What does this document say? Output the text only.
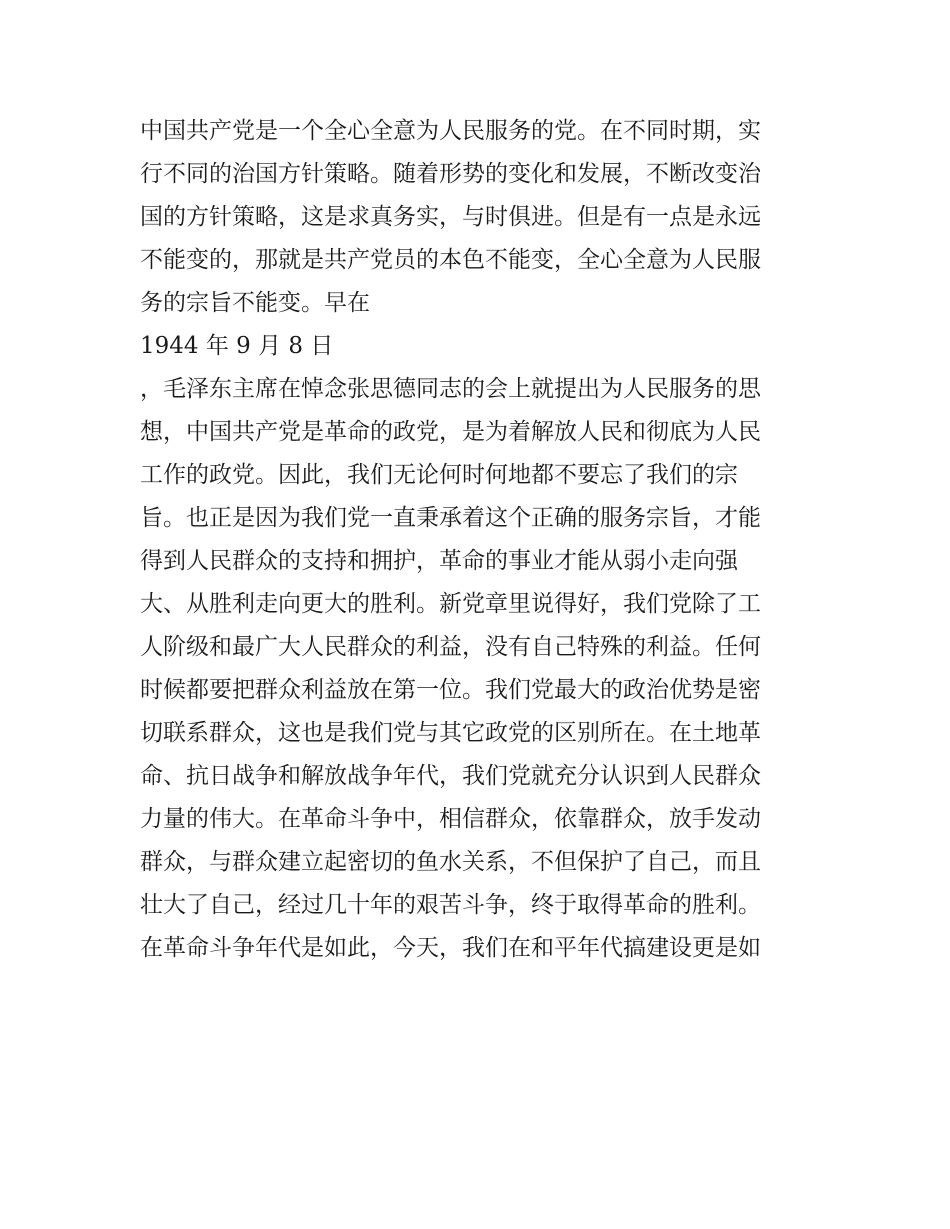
中国共产党是一个全心全意为人民服务的党。在不同时期，实
行不同的治国方针策略。随着形势的变化和发展，不断改变治
国的方针策略，这是求真务实，与时俱进。但是有一点是永远
不能变的，那就是共产党员的本色不能变，全心全意为人民服
务的宗旨不能变。早在
1944 年 9 月 8 日
，毛泽东主席在悼念张思德同志的会上就提出为人民服务的思
想，中国共产党是革命的政党，是为着解放人民和彻底为人民
工作的政党。因此，我们无论何时何地都不要忘了我们的宗
旨。也正是因为我们党一直秉承着这个正确的服务宗旨，才能
得到人民群众的支持和拥护，革命的事业才能从弱小走向强
大、从胜利走向更大的胜利。新党章里说得好，我们党除了工
人阶级和最广大人民群众的利益，没有自己特殊的利益。任何
时候都要把群众利益放在第一位。我们党最大的政治优势是密
切联系群众，这也是我们党与其它政党的区别所在。在土地革
命、抗日战争和解放战争年代，我们党就充分认识到人民群众
力量的伟大。在革命斗争中，相信群众，依靠群众，放手发动
群众，与群众建立起密切的鱼水关系，不但保护了自己，而且
壮大了自己，经过几十年的艰苦斗争，终于取得革命的胜利。
在革命斗争年代是如此，今天，我们在和平年代搞建设更是如
